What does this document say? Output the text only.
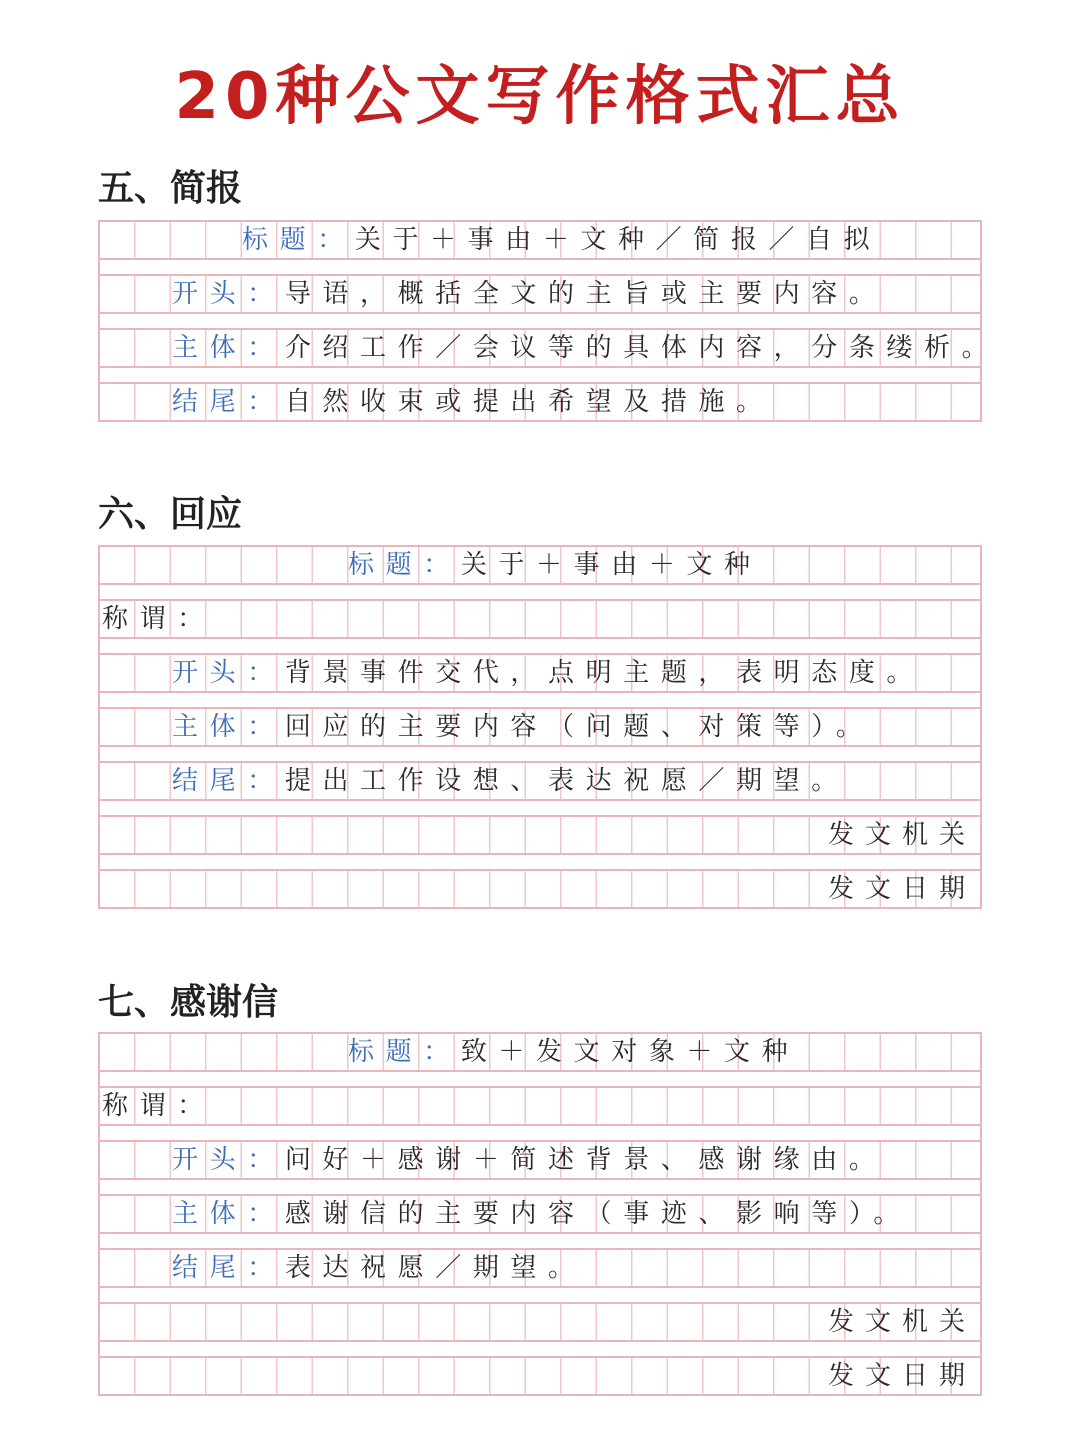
20种公文写作格式汇总
五、简报
标题：关于＋事由＋文种／简报／自拟
开头：导语，概括全文的主旨或主要内容。
主体：介绍工作／会议等的具体内容，分条缕析。
结尾：自然收束或提出希望及措施。
六、回应
标题：关于＋事由＋文种
称谓：
开头：背景事件交代，点明主题，表明态度。
主体：回应的主要内容（问题、对策等）。
结尾：提出工作设想、表达祝愿／期望。
发文机关
发文日期
七、感谢信
标题：致＋发文对象＋文种
称谓：
开头：问好＋感谢＋简述背景、感谢缘由。
主体：感谢信的主要内容（事迹、影响等）。
结尾：表达祝愿／期望。
发文机关
发文日期
